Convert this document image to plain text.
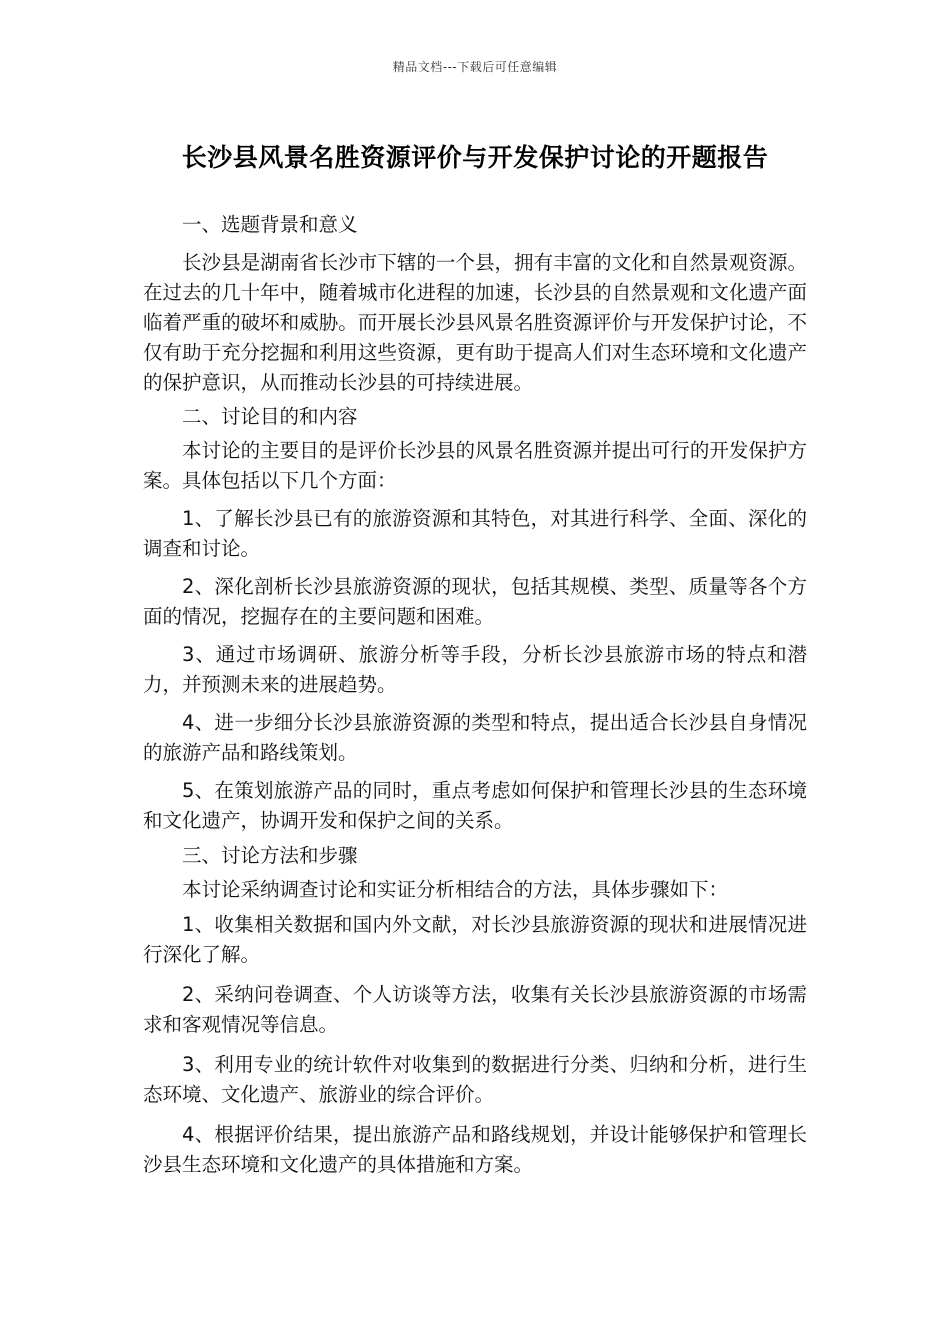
精品文档---下载后可任意编辑
长沙县风景名胜资源评价与开发保护讨论的开题报告

一、选题背景和意义

长沙县是湖南省长沙市下辖的一个县，拥有丰富的文化和自然景观资源。在过去的几十年中，随着城市化进程的加速，长沙县的自然景观和文化遗产面临着严重的破坏和威胁。而开展长沙县风景名胜资源评价与开发保护讨论，不仅有助于充分挖掘和利用这些资源，更有助于提高人们对生态环境和文化遗产的保护意识，从而推动长沙县的可持续进展。

二、讨论目的和内容

本讨论的主要目的是评价长沙县的风景名胜资源并提出可行的开发保护方案。具体包括以下几个方面：

1、了解长沙县已有的旅游资源和其特色，对其进行科学、全面、深化的调查和讨论。

2、深化剖析长沙县旅游资源的现状，包括其规模、类型、质量等各个方面的情况，挖掘存在的主要问题和困难。

3、通过市场调研、旅游分析等手段，分析长沙县旅游市场的特点和潜力，并预测未来的进展趋势。

4、进一步细分长沙县旅游资源的类型和特点，提出适合长沙县自身情况的旅游产品和路线策划。

5、在策划旅游产品的同时，重点考虑如何保护和管理长沙县的生态环境和文化遗产，协调开发和保护之间的关系。

三、讨论方法和步骤

本讨论采纳调查讨论和实证分析相结合的方法，具体步骤如下：

1、收集相关数据和国内外文献，对长沙县旅游资源的现状和进展情况进行深化了解。

2、采纳问卷调查、个人访谈等方法，收集有关长沙县旅游资源的市场需求和客观情况等信息。

3、利用专业的统计软件对收集到的数据进行分类、归纳和分析，进行生态环境、文化遗产、旅游业的综合评价。

4、根据评价结果，提出旅游产品和路线规划，并设计能够保护和管理长沙县生态环境和文化遗产的具体措施和方案。
